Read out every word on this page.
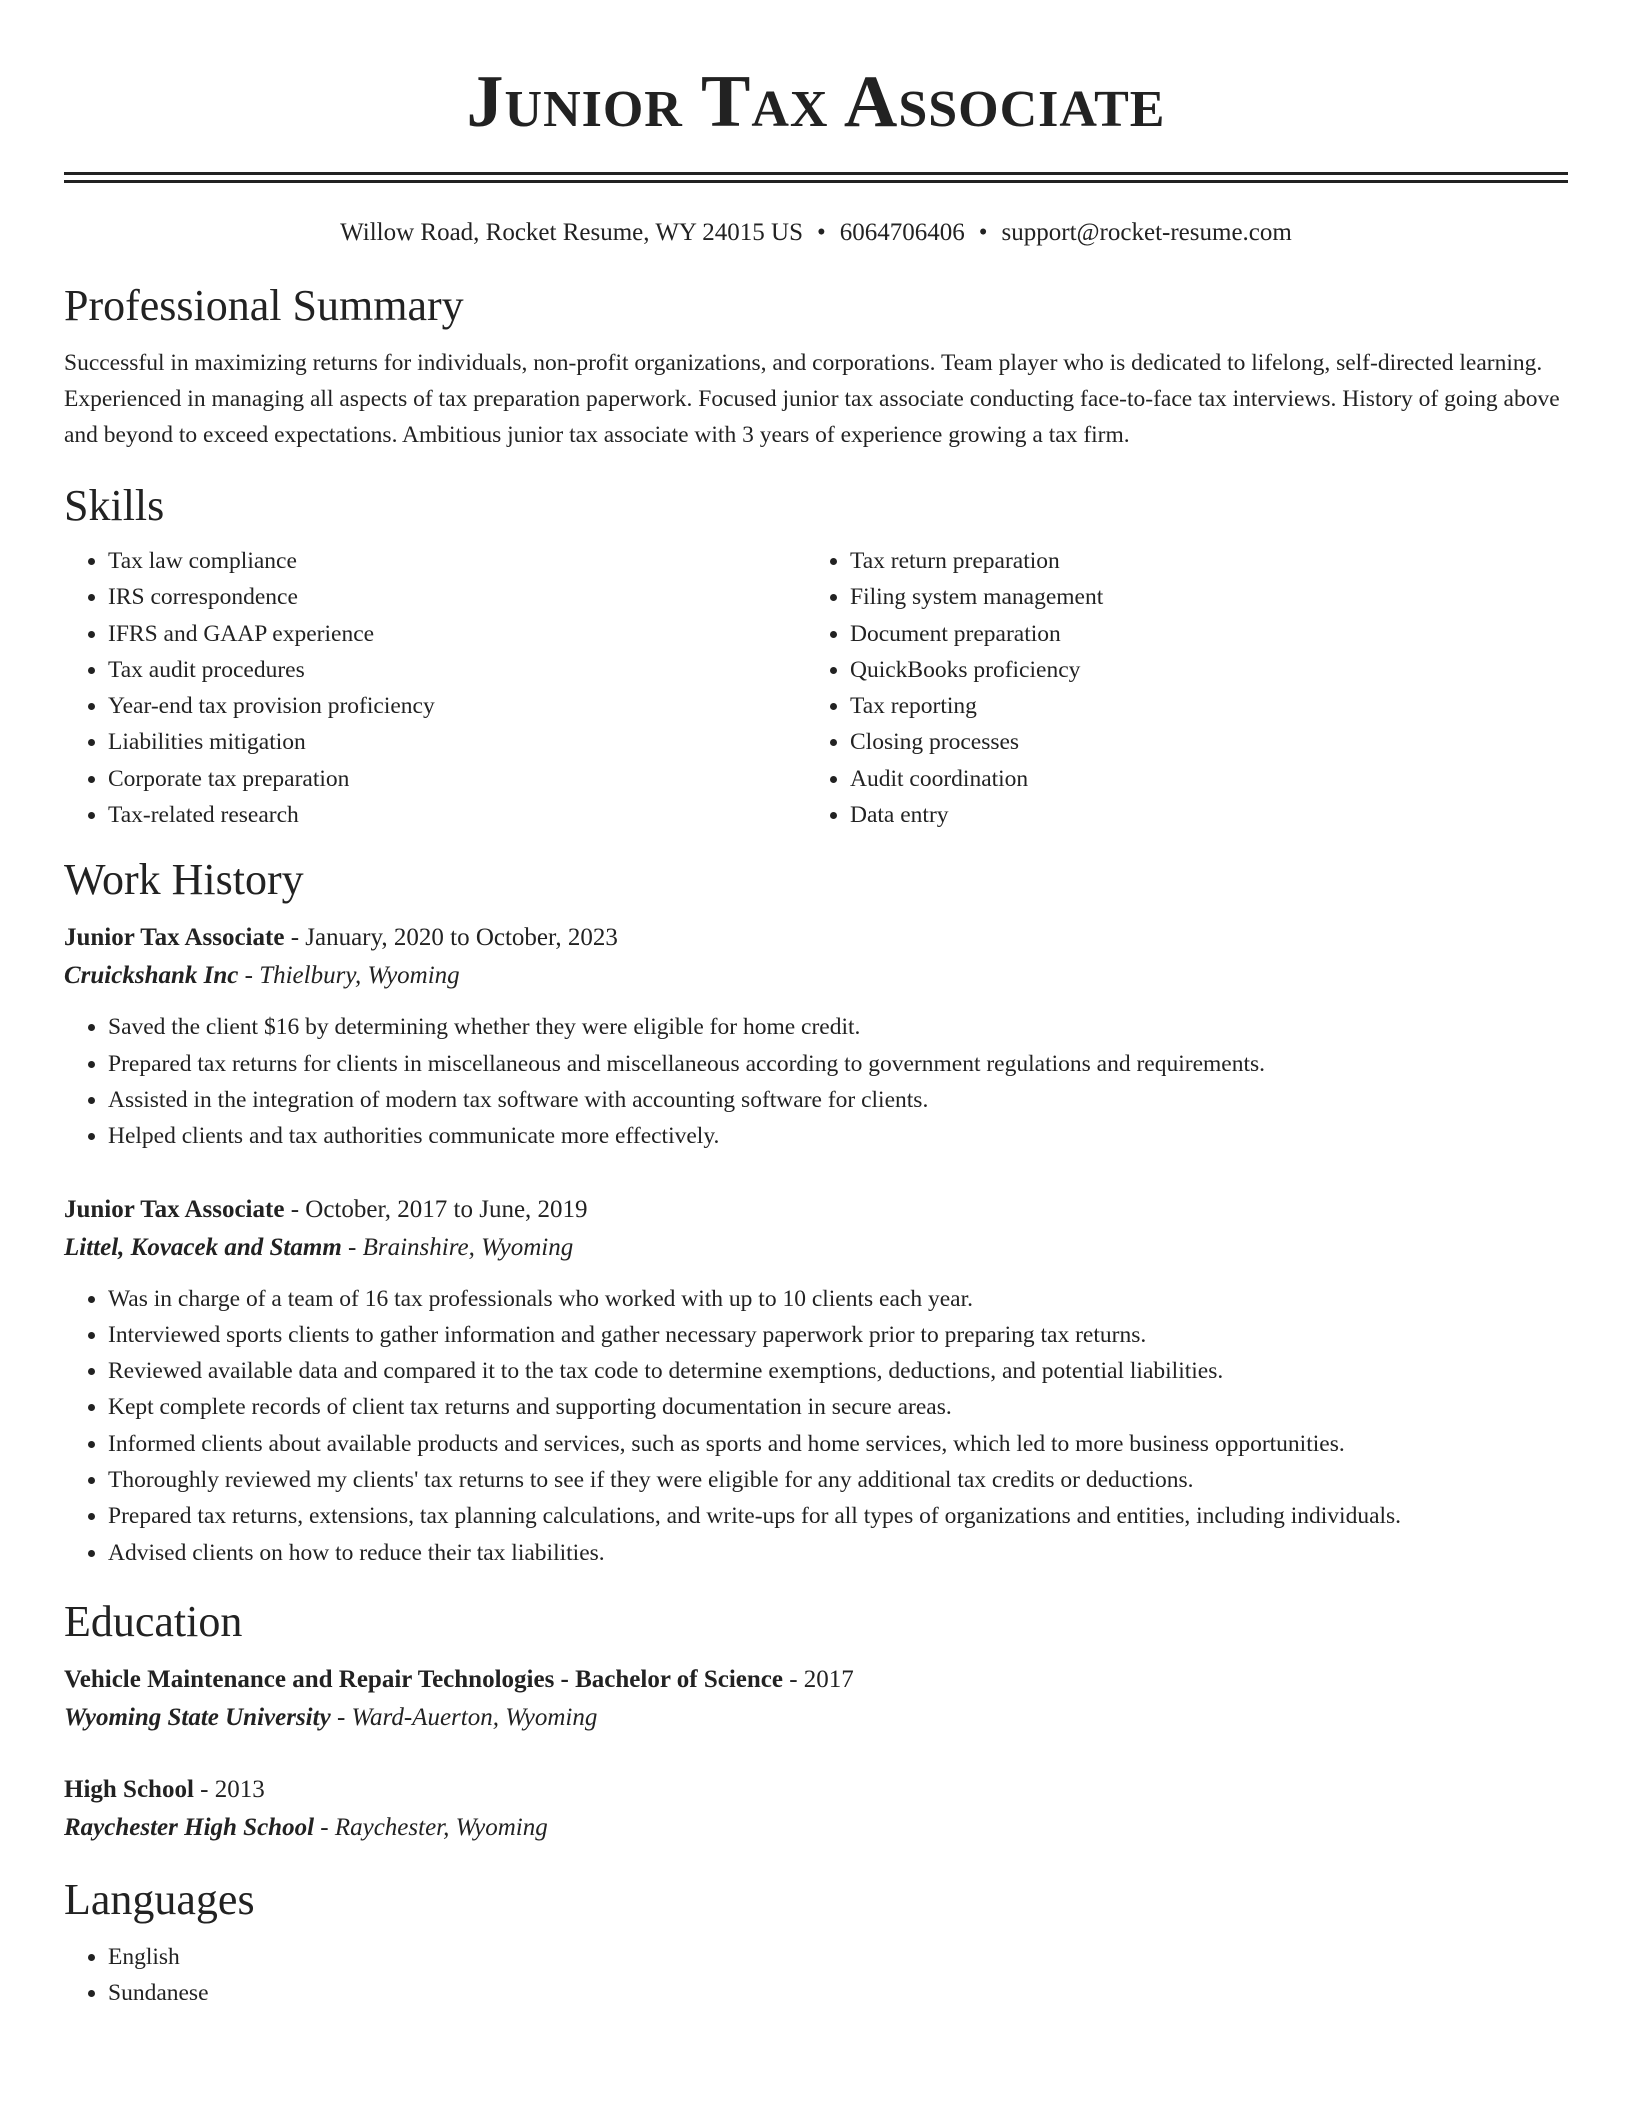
Junior Tax Associate
Willow Road, Rocket Resume, WY 24015 US • 6064706406 • support@rocket-resume.com
Professional Summary

Successful in maximizing returns for individuals, non-profit organizations, and corporations. Team player who is dedicated to lifelong, self-directed learning. Experienced in managing all aspects of tax preparation paperwork. Focused junior tax associate conducting face-to-face tax interviews. History of going above and beyond to exceed expectations. Ambitious junior tax associate with 3 years of experience growing a tax firm.

Skills
• Tax law compliance
• IRS correspondence
• IFRS and GAAP experience
• Tax audit procedures
• Year-end tax provision proficiency
• Liabilities mitigation
• Corporate tax preparation
• Tax-related research
• Tax return preparation
• Filing system management
• Document preparation
• QuickBooks proficiency
• Tax reporting
• Closing processes
• Audit coordination
• Data entry
Work History
Junior Tax Associate - January, 2020 to October, 2023
Cruickshank Inc - Thielbury, Wyoming
• Saved the client $16 by determining whether they were eligible for home credit.
• Prepared tax returns for clients in miscellaneous and miscellaneous according to government regulations and requirements.
• Assisted in the integration of modern tax software with accounting software for clients.
• Helped clients and tax authorities communicate more effectively.
Junior Tax Associate - October, 2017 to June, 2019
Littel, Kovacek and Stamm - Brainshire, Wyoming
• Was in charge of a team of 16 tax professionals who worked with up to 10 clients each year.
• Interviewed sports clients to gather information and gather necessary paperwork prior to preparing tax returns.
• Reviewed available data and compared it to the tax code to determine exemptions, deductions, and potential liabilities.
• Kept complete records of client tax returns and supporting documentation in secure areas.
• Informed clients about available products and services, such as sports and home services, which led to more business opportunities.
• Thoroughly reviewed my clients' tax returns to see if they were eligible for any additional tax credits or deductions.
• Prepared tax returns, extensions, tax planning calculations, and write-ups for all types of organizations and entities, including individuals.
• Advised clients on how to reduce their tax liabilities.
Education
Vehicle Maintenance and Repair Technologies - Bachelor of Science - 2017
Wyoming State University - Ward-Auerton, Wyoming
High School - 2013
Raychester High School - Raychester, Wyoming
Languages
• English
• Sundanese
